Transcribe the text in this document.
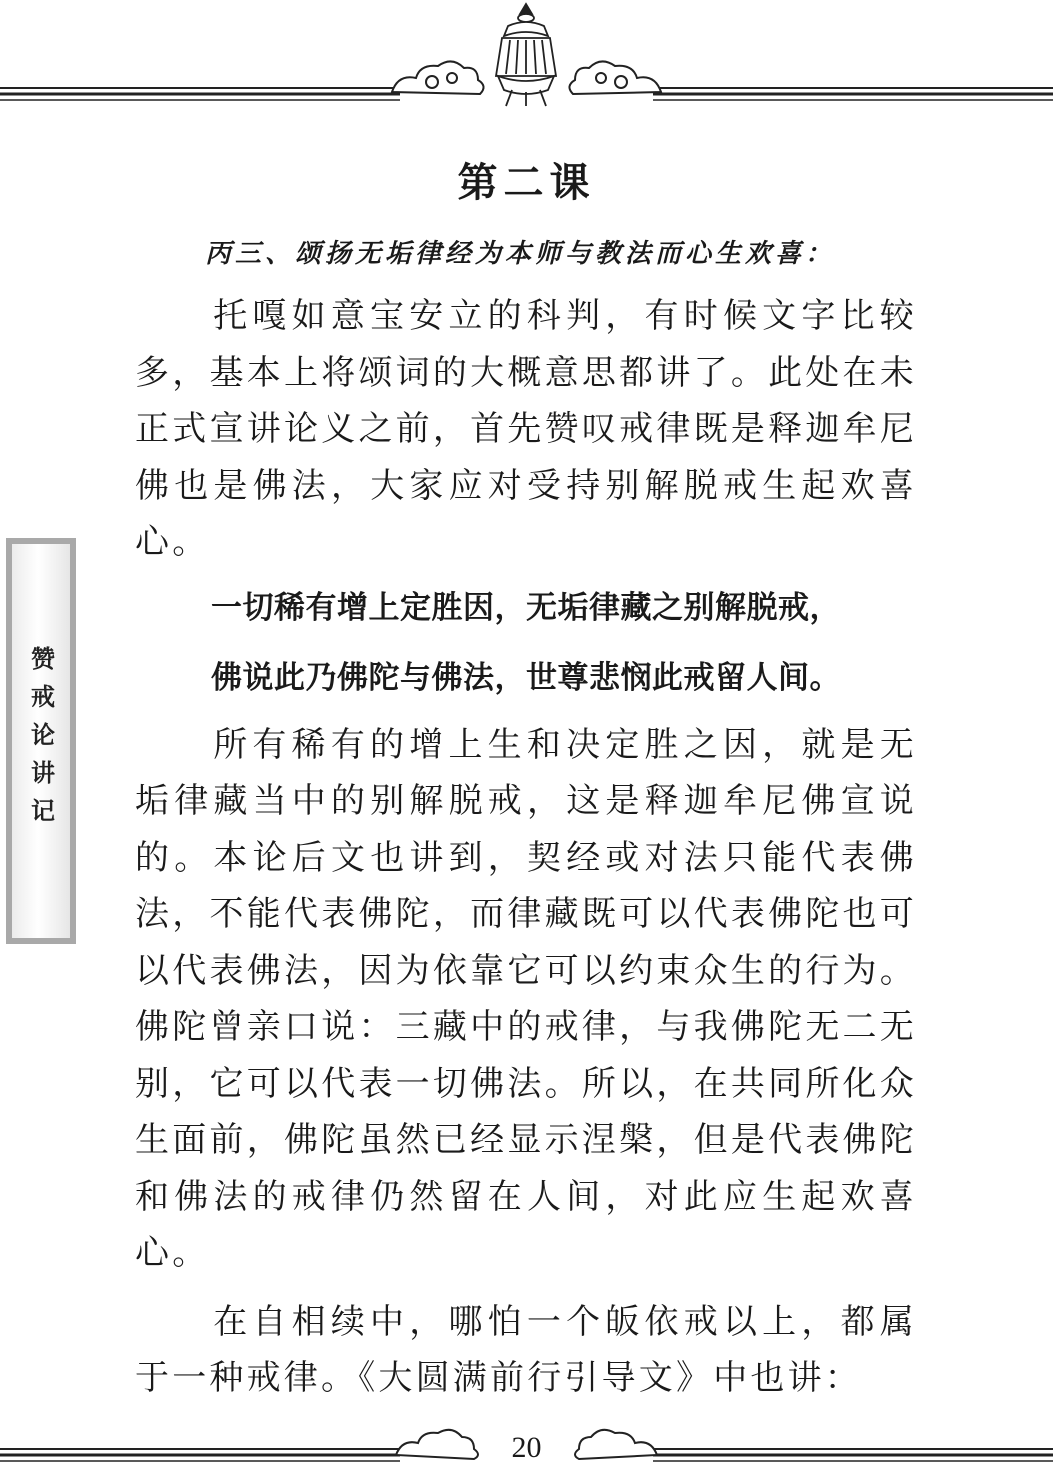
赞戒论讲记
第二课
丙三、颂扬无垢律经为本师与教法而心生欢喜：

托嘎如意宝安立的科判，有时候文字比较多，基本上将颂词的大概意思都讲了。此处在未正式宣讲论义之前，首先赞叹戒律既是释迦牟尼佛也是佛法，大家应对受持别解脱戒生起欢喜心。

一切稀有增上定胜因，无垢律藏之别解脱戒，
佛说此乃佛陀与佛法，世尊悲悯此戒留人间。

所有稀有的增上生和决定胜之因，就是无垢律藏当中的别解脱戒，这是释迦牟尼佛宣说的。本论后文也讲到，契经或对法只能代表佛法，不能代表佛陀，而律藏既可以代表佛陀也可以代表佛法，因为依靠它可以约束众生的行为。佛陀曾亲口说：三藏中的戒律，与我佛陀无二无别，它可以代表一切佛法。所以，在共同所化众生面前，佛陀虽然已经显示涅槃，但是代表佛陀和佛法的戒律仍然留在人间，对此应生起欢喜心。

在自相续中，哪怕一个皈依戒以上，都属于一种戒律。《大圆满前行引导文》中也讲：

20
